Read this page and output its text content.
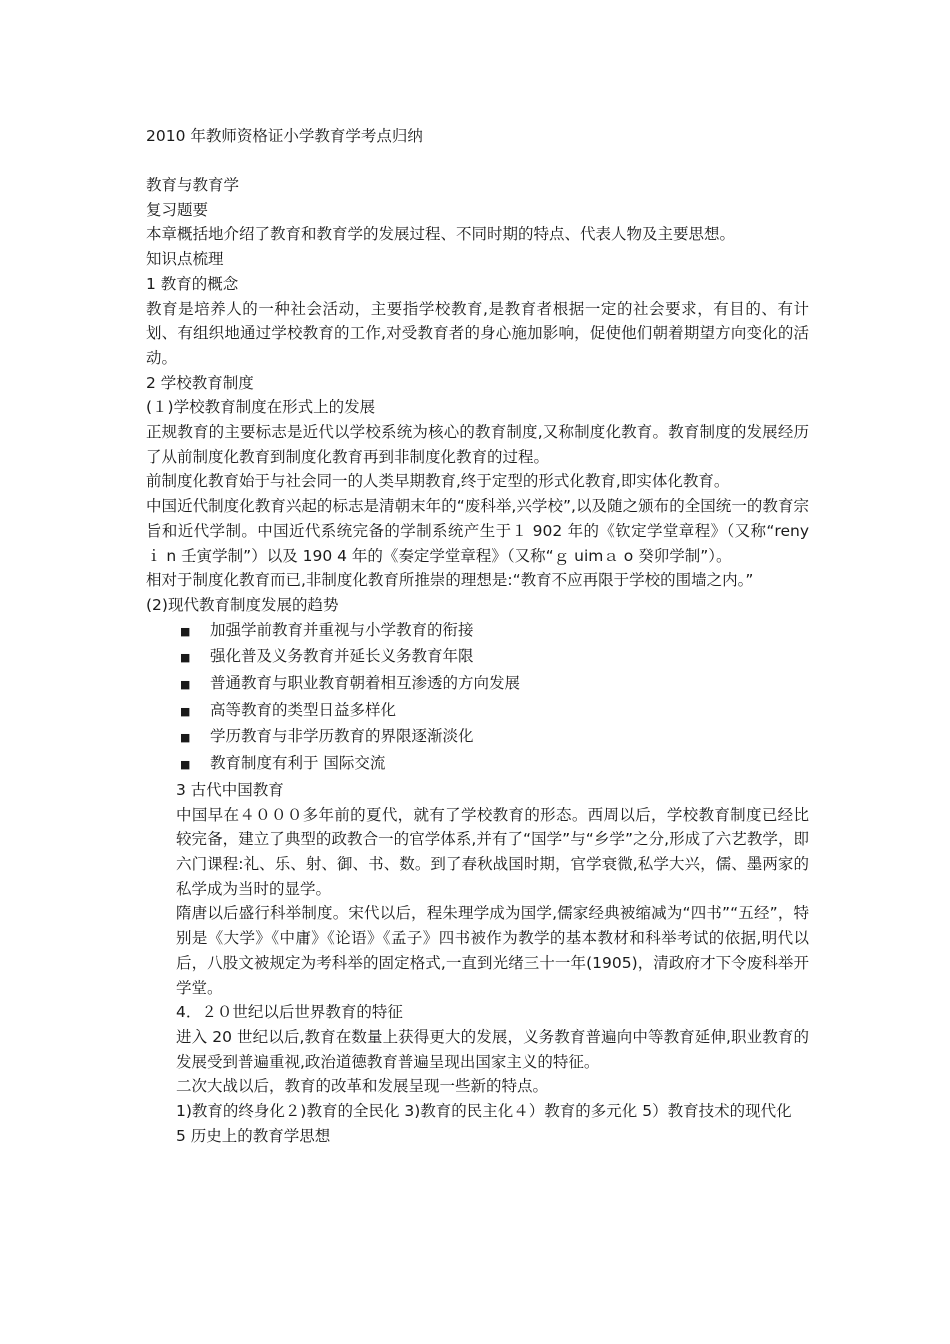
2010 年教师资格证小学教育学考点归纳

教育与教育学

复习题要

本章概括地介绍了教育和教育学的发展过程、不同时期的特点、代表人物及主要思想。

知识点梳理

1 教育的概念

教育是培养人的一种社会活动，主要指学校教育,是教育者根据一定的社会要求，有目的、有计划、有组织地通过学校教育的工作,对受教育者的身心施加影响，促使他们朝着期望方向变化的活动。

2 学校教育制度

(１)学校教育制度在形式上的发展

正规教育的主要标志是近代以学校系统为核心的教育制度,又称制度化教育。教育制度的发展经历了从前制度化教育到制度化教育再到非制度化教育的过程。

前制度化教育始于与社会同一的人类早期教育,终于定型的形式化教育,即实体化教育。

中国近代制度化教育兴起的标志是清朝末年的“废科举,兴学校”,以及随之颁布的全国统一的教育宗旨和近代学制。中国近代系统完备的学制系统产生于１ 902 年的《钦定学堂章程》（又称“reny ｉ n 壬寅学制”）以及 190 4 年的《奏定学堂章程》（又称“ｇ uimａ o 癸卯学制”）。

相对于制度化教育而已,非制度化教育所推崇的理想是:“教育不应再限于学校的围墙之内。”

(2)现代教育制度发展的趋势

■	加强学前教育并重视与小学教育的衔接
■	强化普及义务教育并延长义务教育年限
■	普通教育与职业教育朝着相互渗透的方向发展
■	高等教育的类型日益多样化
■	学历教育与非学历教育的界限逐渐淡化
■	教育制度有利于 国际交流

3 古代中国教育

中国早在４０００多年前的夏代，就有了学校教育的形态。西周以后，学校教育制度已经比较完备，建立了典型的政教合一的官学体系,并有了“国学”与“乡学”之分,形成了六艺教学，即六门课程:礼、乐、射、御、书、数。到了春秋战国时期，官学衰微,私学大兴，儒、墨两家的私学成为当时的显学。

隋唐以后盛行科举制度。宋代以后，程朱理学成为国学,儒家经典被缩减为“四书”“五经”，特别是《大学》《中庸》《论语》《孟子》四书被作为教学的基本教材和科举考试的依据,明代以后，八股文被规定为考科举的固定格式,一直到光绪三十一年(1905)，清政府才下令废科举开学堂。

4．２０世纪以后世界教育的特征

进入 20 世纪以后,教育在数量上获得更大的发展，义务教育普遍向中等教育延伸,职业教育的发展受到普遍重视,政治道德教育普遍呈现出国家主义的特征。

二次大战以后，教育的改革和发展呈现一些新的特点。

1)教育的终身化２)教育的全民化 3)教育的民主化４）教育的多元化 5）教育技术的现代化

5 历史上的教育学思想
